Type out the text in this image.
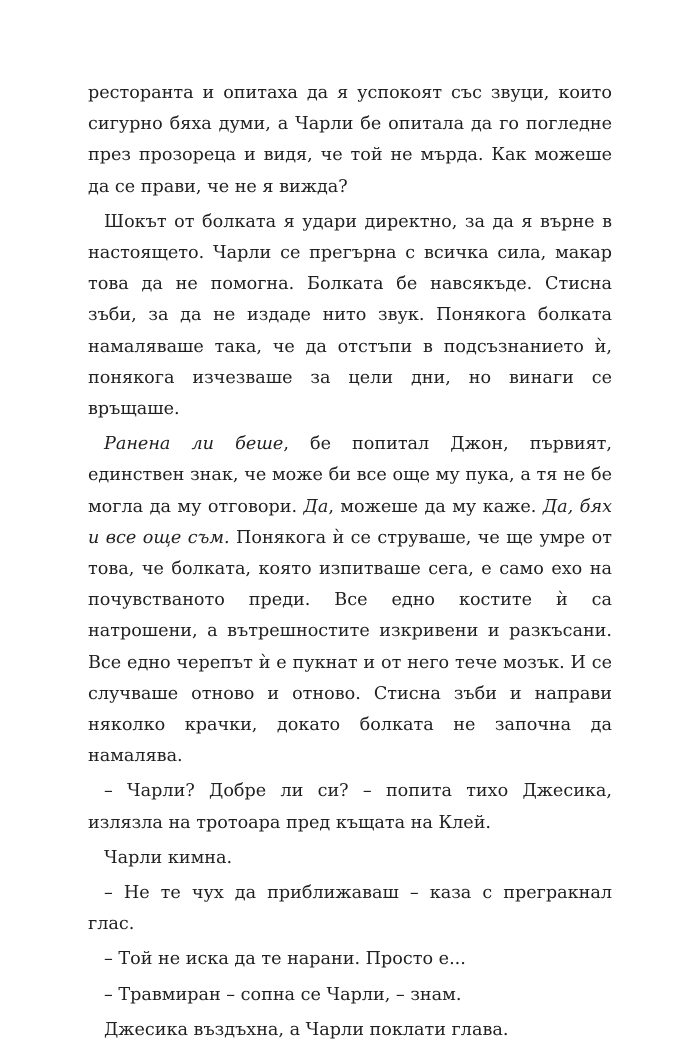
ресторанта и опитаха да я успокоят със звуци, които сигурно бяха думи, а Чарли бе опитала да го погледне през прозореца и видя, че той не мърда. Как можеше да се прави, че не я вижда?

Шокът от болката я удари директно, за да я върне в настоящето. Чарли се прегърна с всичка сила, макар това да не помогна. Болката бе навсякъде. Стисна зъби, за да не издаде нито звук. Понякога болката намаляваше така, че да отстъпи в подсъзнанието ѝ, понякога изчезваше за цели дни, но винаги се връщаше.

Ранена ли беше, бе попитал Джон, първият, единствен знак, че може би все още му пука, а тя не бе могла да му отговори. Да, можеше да му каже. Да, бях и все още съм. Понякога ѝ се струваше, че ще умре от това, че болката, която изпитваше сега, е само ехо на почувстваното преди. Все едно костите ѝ са натрошени, а вътрешностите изкривени и разкъсани. Все едно черепът ѝ е пукнат и от него тече мозък. И се случваше отново и отново. Стисна зъби и направи няколко крачки, докато болката не започна да намалява.

– Чарли? Добре ли си? – попита тихо Джесика, излязла на тротоара пред къщата на Клей.

Чарли кимна.

– Не те чух да приближаваш – каза с прегракнал глас.

– Той не иска да те нарани. Просто е...

– Травмиран – сопна се Чарли, – знам.

Джесика въздъхна, а Чарли поклати глава.
